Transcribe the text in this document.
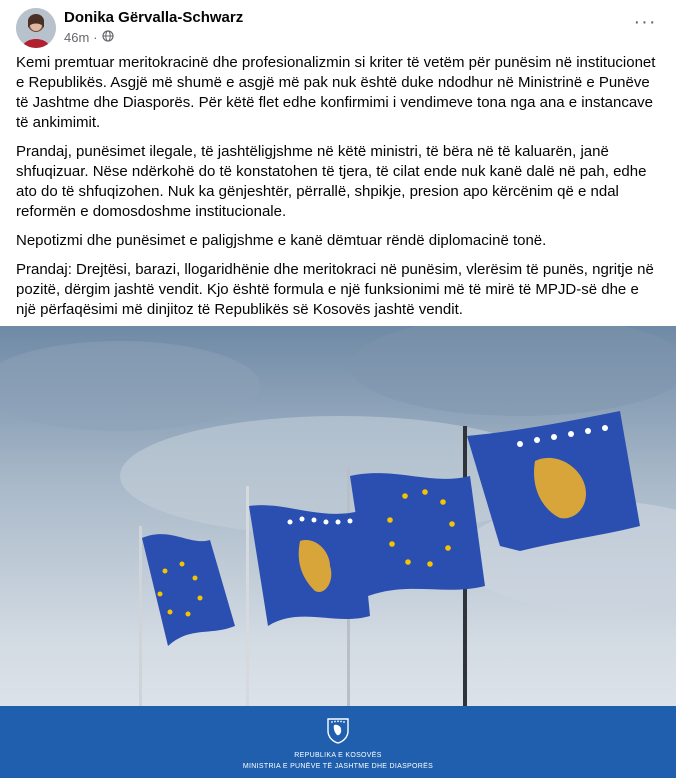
Donika Gërvalla-Schwarz
46m ·
···

Kemi premtuar meritokracinë dhe profesionalizmin si kriter të vetëm për punësim në institucionet e Republikës. Asgjë më shumë e asgjë më pak nuk është duke ndodhur në Ministrinë e Punëve të Jashtme dhe Diasporës. Për këtë flet edhe konfirmimi i vendimeve tona nga ana e instancave të ankimimit.

Prandaj, punësimet ilegale, të jashtëligjshme në këtë ministri, të bëra në të kaluarën, janë shfuqizuar. Nëse ndërkohë do të konstatohen të tjera, të cilat ende nuk kanë dalë në pah, edhe ato do të shfuqizohen. Nuk ka gënjeshtër, përrallë, shpikje, presion apo kërcënim që e ndal reformën e domosdoshme institucionale.

Nepotizmi dhe punësimet e paligjshme e kanë dëmtuar rëndë diplomacinë tonë.

Prandaj: Drejtësi, barazi, llogaridhënie dhe meritokraci në punësim, vlerësim të punës, ngritje në pozitë, dërgim jashtë vendit. Kjo është formula e një funksionimi më të mirë të MPJD-së dhe e një përfaqësimi më dinjitoz të Republikës së Kosovës jashtë vendit.

REPUBLIKA E KOSOVËS
MINISTRIA E PUNËVE TË JASHTME DHE DIASPORËS
